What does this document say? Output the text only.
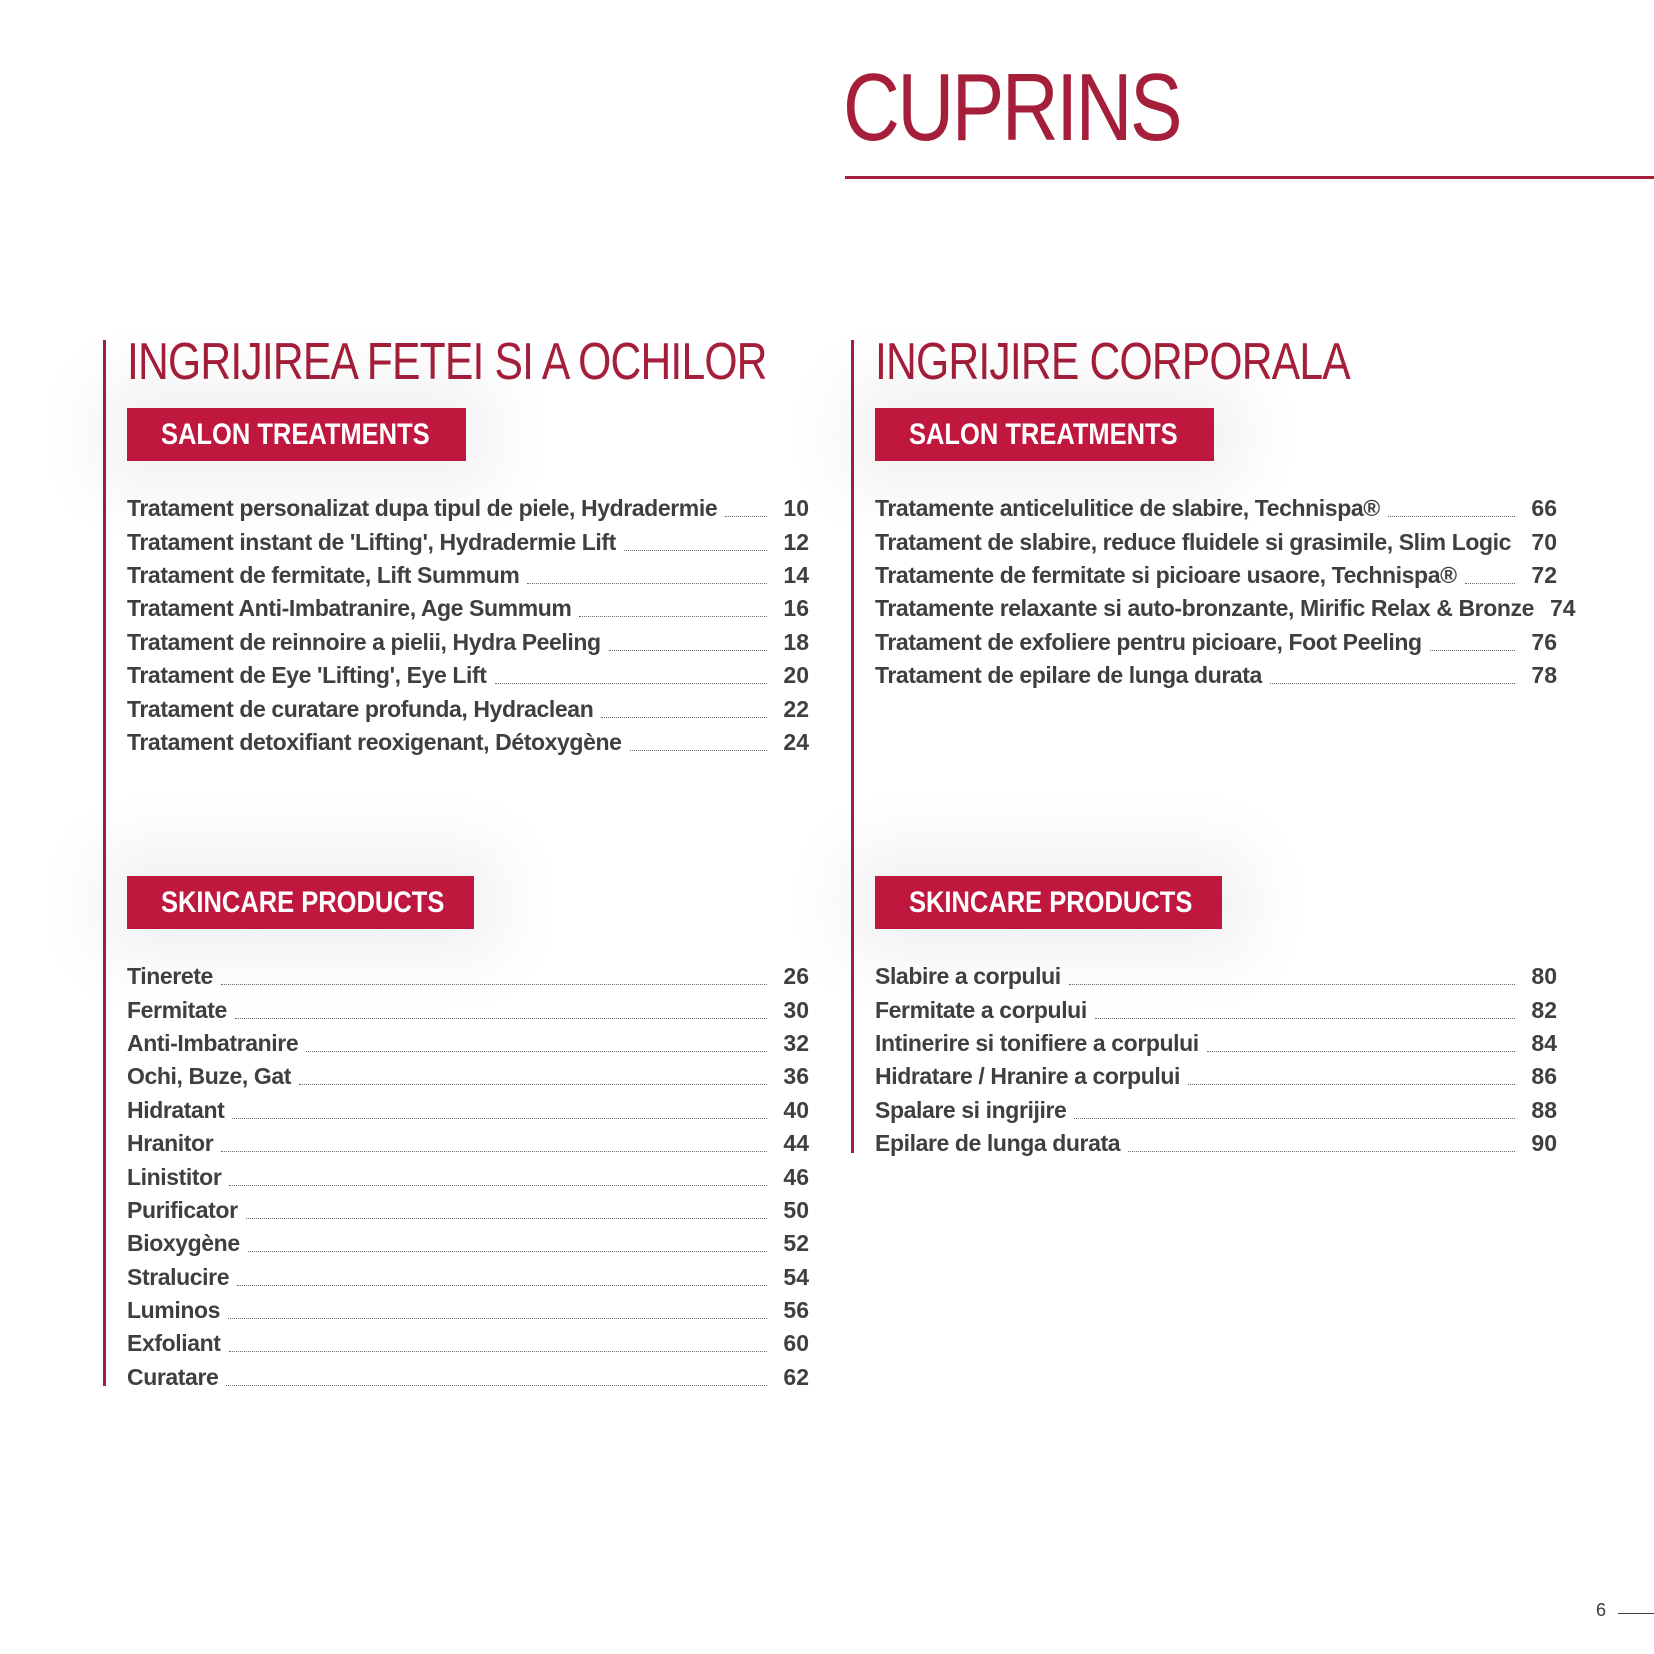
CUPRINS
INGRIJIREA FETEI SI A OCHILOR
SALON TREATMENTS
Tratament personalizat dupa tipul de piele, Hydradermie	10
Tratament instant de 'Lifting', Hydradermie Lift	12
Tratament de fermitate, Lift Summum	14
Tratament Anti-Imbatranire, Age Summum	16
Tratament de reinnoire a pielii, Hydra Peeling	18
Tratament de Eye 'Lifting', Eye Lift	20
Tratament de curatare profunda, Hydraclean	22
Tratament detoxifiant reoxigenant, Détoxygène	24
SKINCARE PRODUCTS
Tinerete	26
Fermitate	30
Anti-Imbatranire	32
Ochi, Buze, Gat	36
Hidratant	40
Hranitor	44
Linistitor	46
Purificator	50
Bioxygène	52
Stralucire	54
Luminos	56
Exfoliant	60
Curatare	62
INGRIJIRE CORPORALA
SALON TREATMENTS
Tratamente anticelulitice de slabire, Technispa®	66
Tratament de slabire, reduce fluidele si grasimile, Slim Logic 70
Tratamente de fermitate si picioare usaore, Technispa®	72
Tratamente relaxante si auto-bronzante, Mirific Relax & Bronze 74
Tratament de exfoliere pentru picioare, Foot Peeling	76
Tratament de epilare de lunga durata	78
SKINCARE PRODUCTS
Slabire a corpului	80
Fermitate a corpului	82
Intinerire si tonifiere a corpului	84
Hidratare / Hranire a corpului	86
Spalare si ingrijire	88
Epilare de lunga durata	90
6
